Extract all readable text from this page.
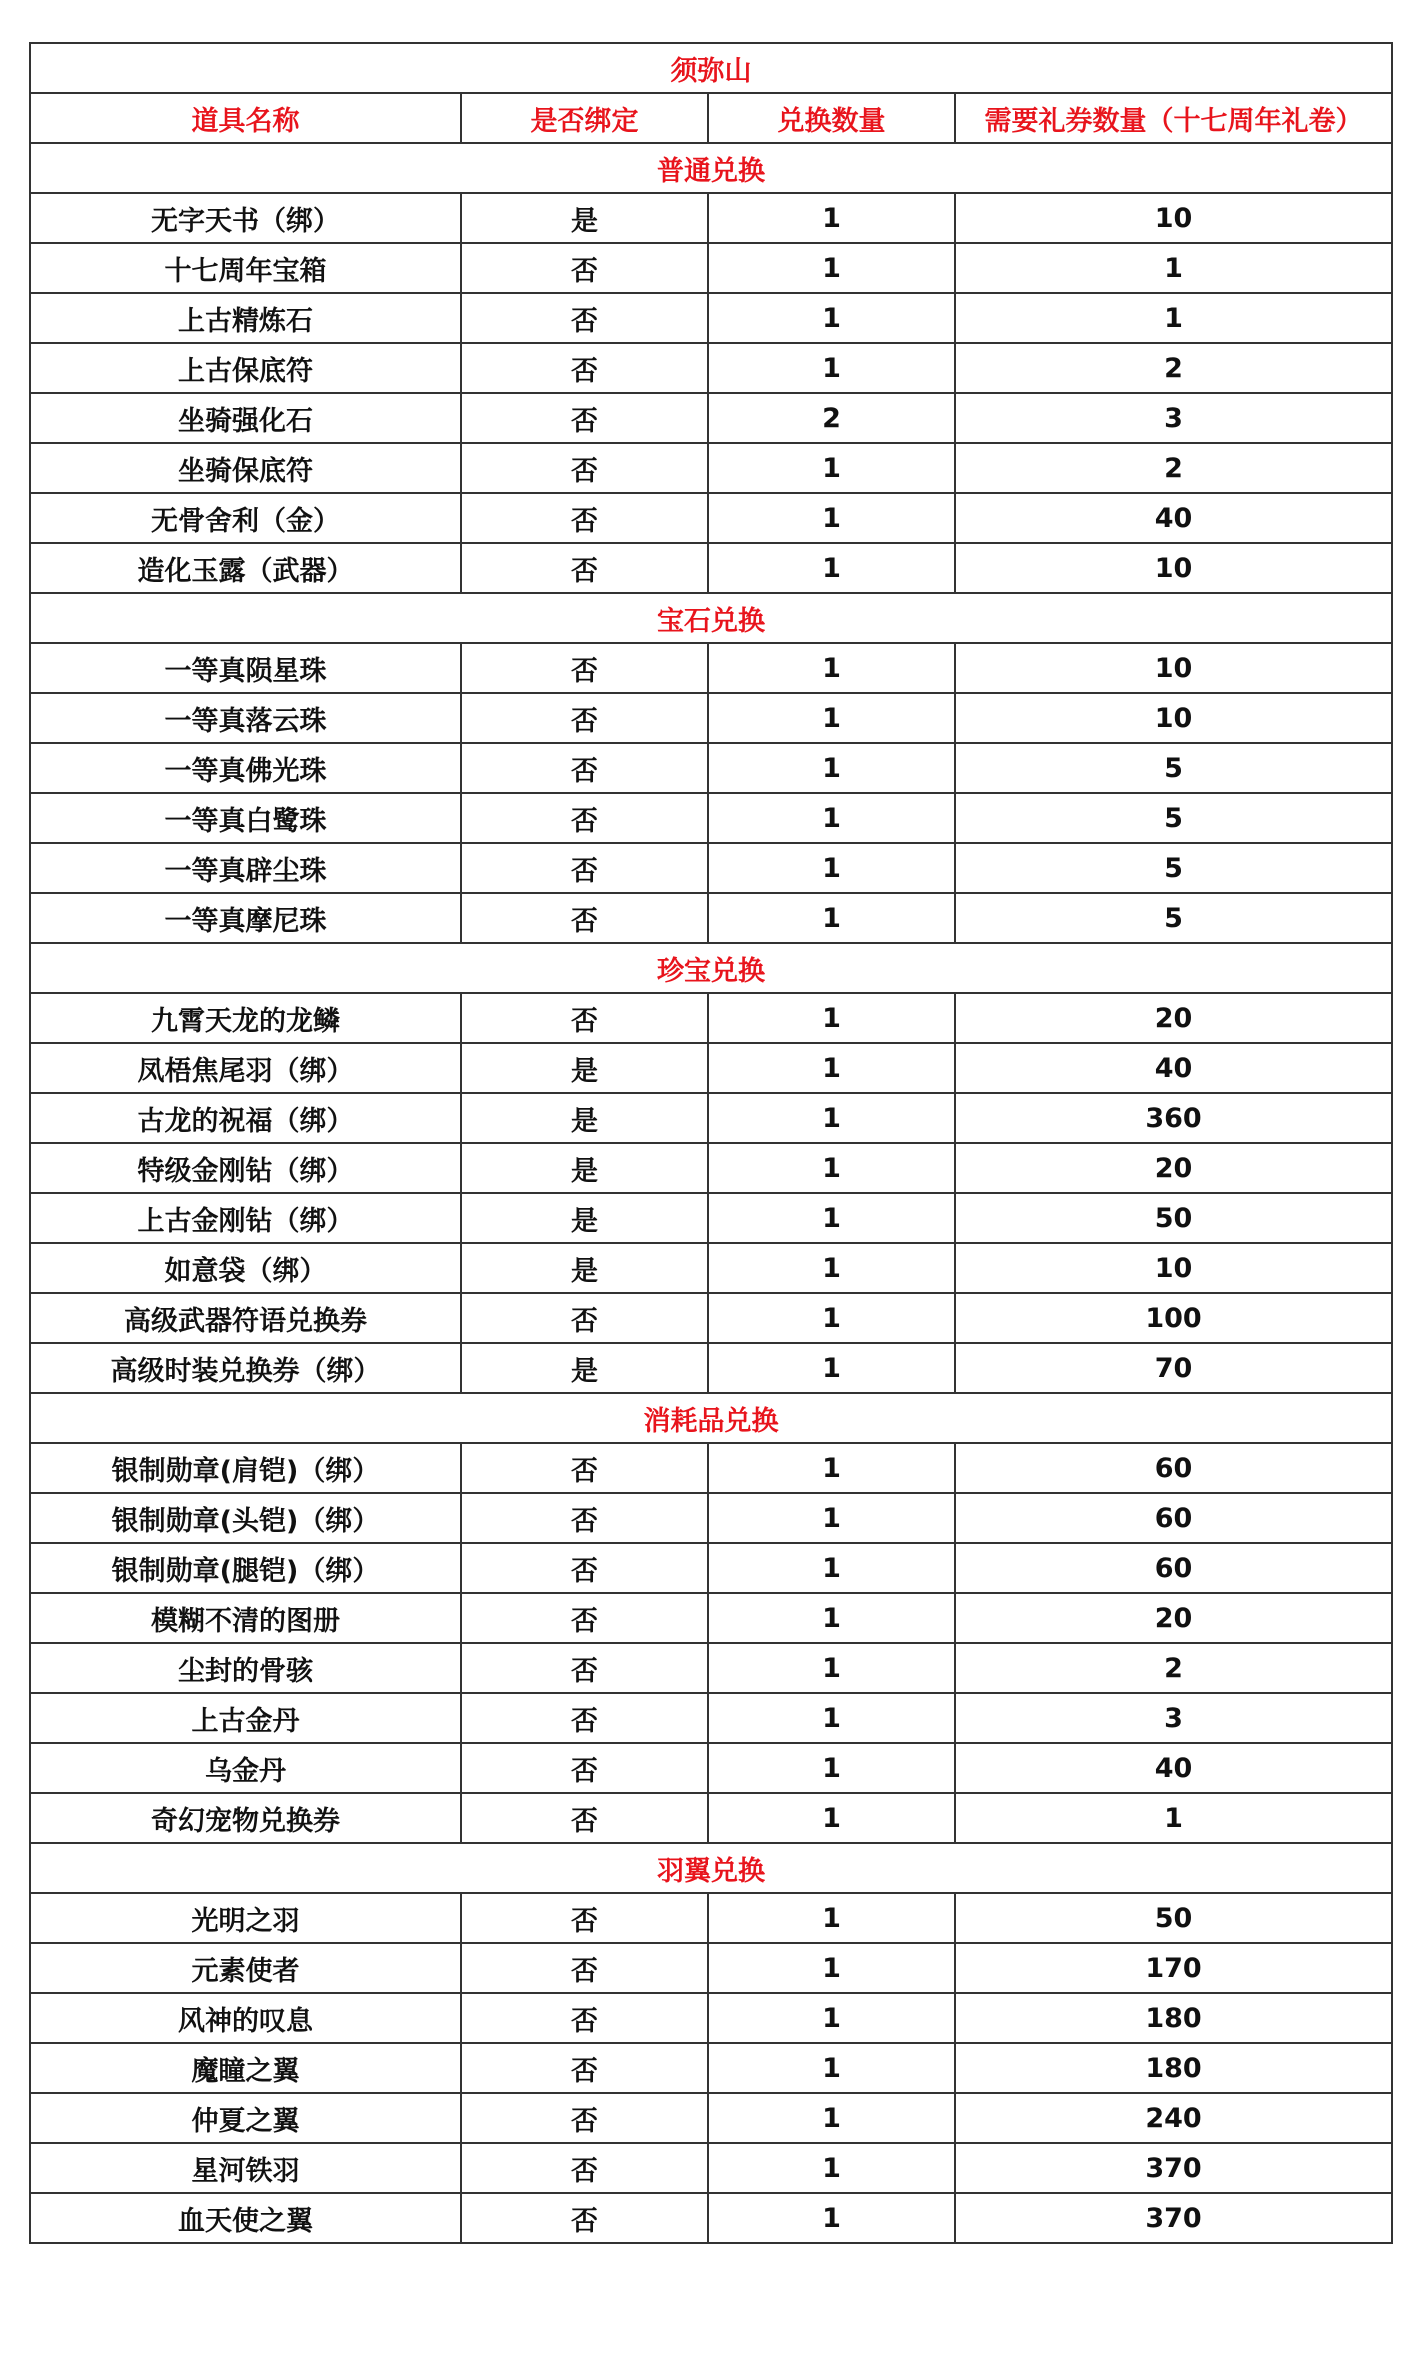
须弥山			
道具名称	是否绑定	兑换数量	需要礼券数量（十七周年礼卷）
普通兑换			
无字天书（绑）	是	1	10
十七周年宝箱	否	1	1
上古精炼石	否	1	1
上古保底符	否	1	2
坐骑强化石	否	2	3
坐骑保底符	否	1	2
无骨舍利（金）	否	1	40
造化玉露（武器）	否	1	10
宝石兑换			
一等真陨星珠	否	1	10
一等真落云珠	否	1	10
一等真佛光珠	否	1	5
一等真白鹭珠	否	1	5
一等真辟尘珠	否	1	5
一等真摩尼珠	否	1	5
珍宝兑换			
九霄天龙的龙鳞	否	1	20
凤梧焦尾羽（绑）	是	1	40
古龙的祝福（绑）	是	1	360
特级金刚钻（绑）	是	1	20
上古金刚钻（绑）	是	1	50
如意袋（绑）	是	1	10
高级武器符语兑换券	否	1	100
高级时装兑换券（绑）	是	1	70
消耗品兑换			
银制勋章(肩铠)（绑）	否	1	60
银制勋章(头铠)（绑）	否	1	60
银制勋章(腿铠)（绑）	否	1	60
模糊不清的图册	否	1	20
尘封的骨骇	否	1	2
上古金丹	否	1	3
乌金丹	否	1	40
奇幻宠物兑换券	否	1	1
羽翼兑换			
光明之羽	否	1	50
元素使者	否	1	170
风神的叹息	否	1	180
魔瞳之翼	否	1	180
仲夏之翼	否	1	240
星河铁羽	否	1	370
血天使之翼	否	1	370
